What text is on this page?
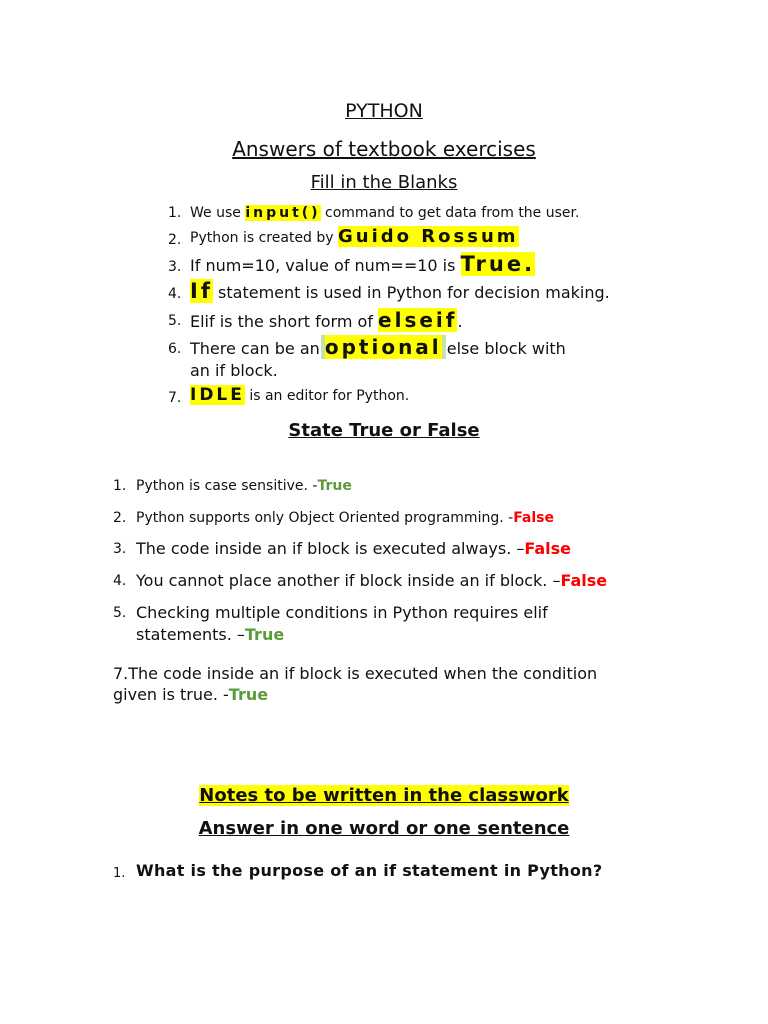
PYTHON
Answers of textbook exercises
Fill in the Blanks
1. We use input() command to get data from the user.
2. Python is created by Guido Rossum
3. If num=10, value of num==10 is True.
4. If statement is used in Python for decision making.
5. Elif is the short form of elseif.
6. There can be an optional else block with
an if block.
7. IDLE is an editor for Python.
State True or False
1. Python is case sensitive. -True
2. Python supports only Object Oriented programming. -False
3. The code inside an if block is executed always. –False
4. You cannot place another if block inside an if block. –False
5. Checking multiple conditions in Python requires elif
statements. –True
7.The code inside an if block is executed when the condition
given is true. -True
Notes to be written in the classwork
Answer in one word or one sentence
1. What is the purpose of an if statement in Python?
